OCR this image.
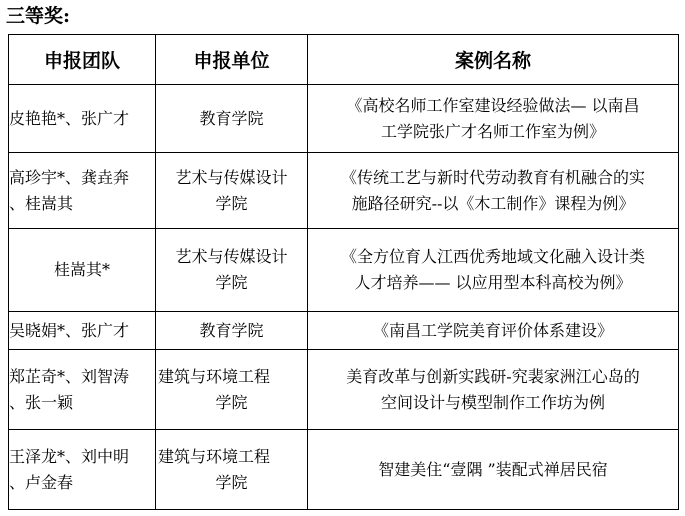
三等奖:
申报团队	申报单位	案例名称

皮艳艳*、张广才	教育学院	《高校名师工作室建设经验做法— 以南昌
工学院张广才名师工作室为例》

高珍宇*、龚垚奔
、桂嵩其	艺术与传媒设计
学院	《传统工艺与新时代劳动教育有机融合的实
施路径研究--以《木工制作》课程为例》

桂嵩其*	艺术与传媒设计
学院	《全方位育人江西优秀地域文化融入设计类
人才培养—— 以应用型本科高校为例》

吴晓娟*、张广才	教育学院	《南昌工学院美育评价体系建设》

郑芷奇*、刘智涛
、张一颖	建筑与环境工程
学院	美育改革与创新实践研-究裴家洲江心岛的
空间设计与模型制作工作坊为例

王泽龙*、刘中明
、卢金春	建筑与环境工程
学院	智建美住“壹隅 ”装配式禅居民宿
